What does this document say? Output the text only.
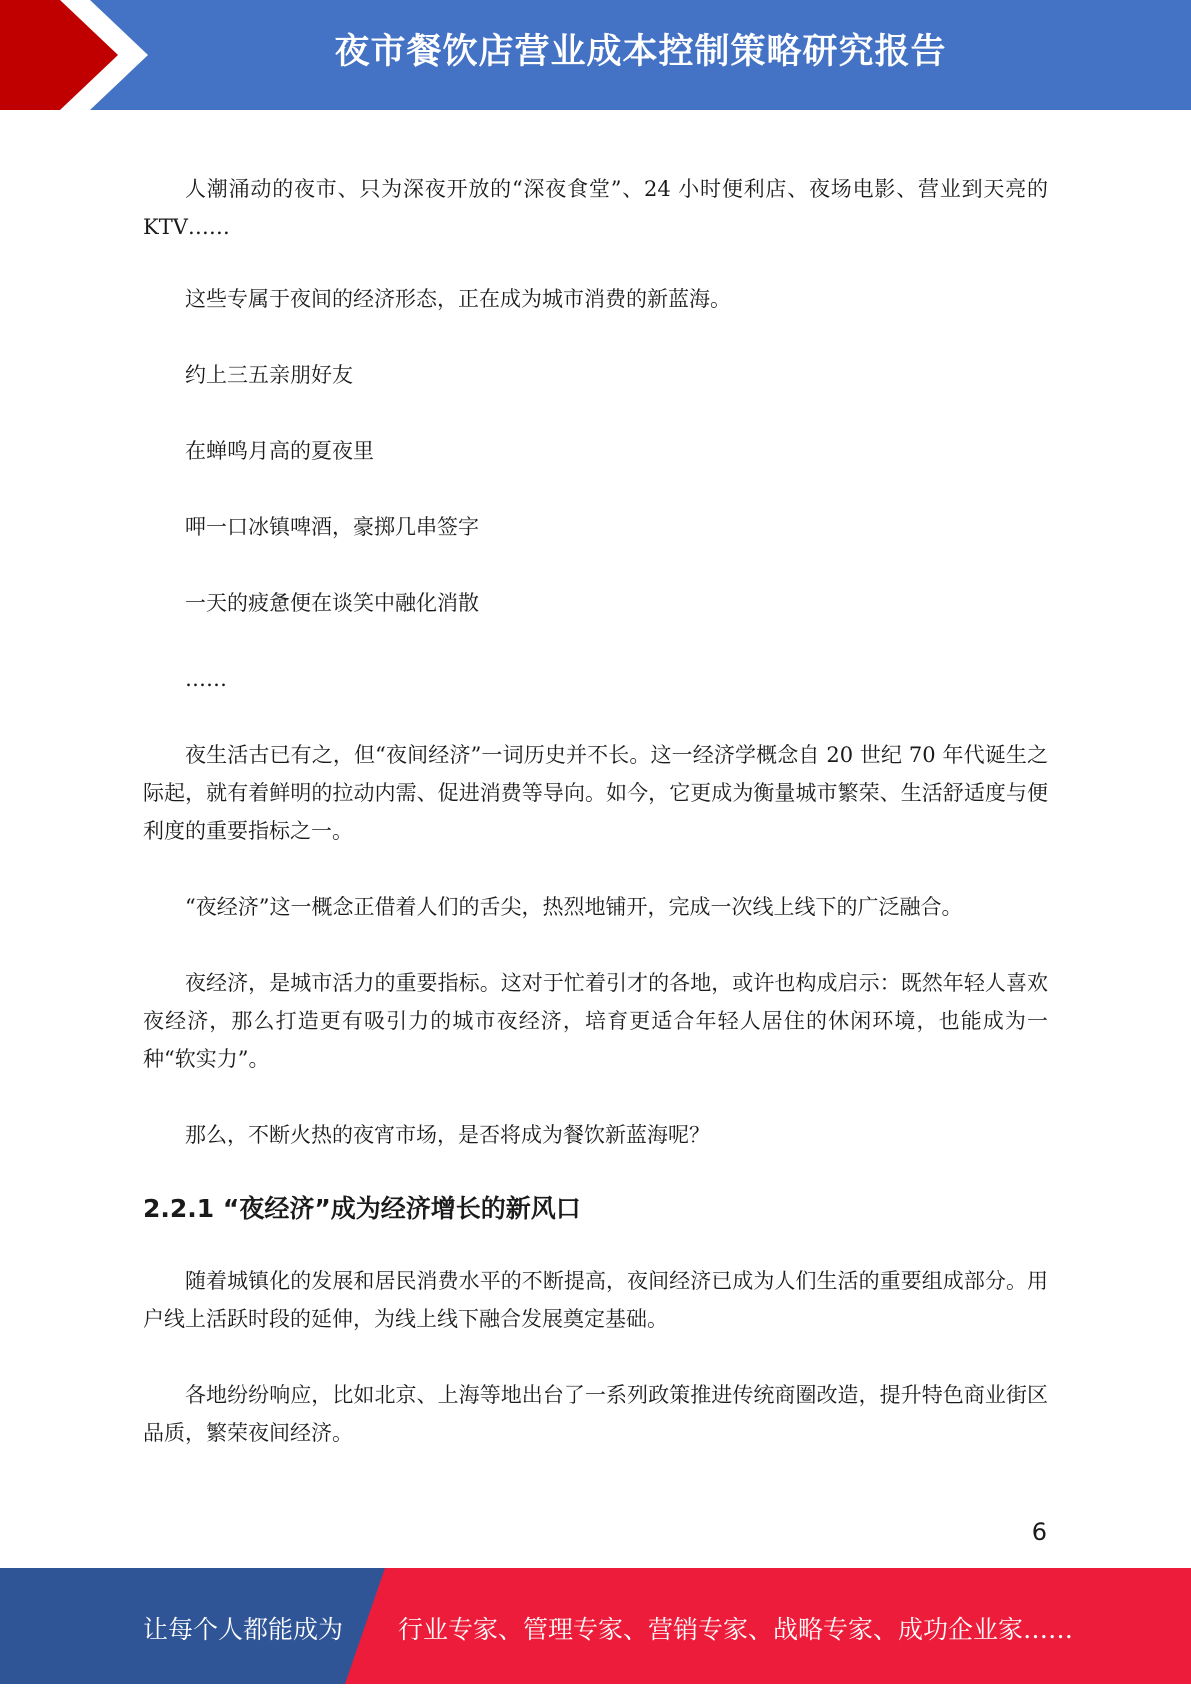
夜市餐饮店营业成本控制策略研究报告

人潮涌动的夜市、只为深夜开放的“深夜食堂”、24 小时便利店、夜场电影、营业到天亮的 KTV……

这些专属于夜间的经济形态，正在成为城市消费的新蓝海。

约上三五亲朋好友

在蝉鸣月高的夏夜里

呷一口冰镇啤酒，豪掷几串签字

一天的疲惫便在谈笑中融化消散

……

夜生活古已有之，但“夜间经济”一词历史并不长。这一经济学概念自 20 世纪 70 年代诞生之际起，就有着鲜明的拉动内需、促进消费等导向。如今，它更成为衡量城市繁荣、生活舒适度与便利度的重要指标之一。

“夜经济”这一概念正借着人们的舌尖，热烈地铺开，完成一次线上线下的广泛融合。

夜经济，是城市活力的重要指标。这对于忙着引才的各地，或许也构成启示：既然年轻人喜欢夜经济，那么打造更有吸引力的城市夜经济，培育更适合年轻人居住的休闲环境，也能成为一种“软实力”。

那么，不断火热的夜宵市场，是否将成为餐饮新蓝海呢？

2.2.1 “夜经济”成为经济增长的新风口

随着城镇化的发展和居民消费水平的不断提高，夜间经济已成为人们生活的重要组成部分。用户线上活跃时段的延伸，为线上线下融合发展奠定基础。

各地纷纷响应，比如北京、上海等地出台了一系列政策推进传统商圈改造，提升特色商业街区品质，繁荣夜间经济。

6
让每个人都能成为 行业专家、管理专家、营销专家、战略专家、成功企业家……
